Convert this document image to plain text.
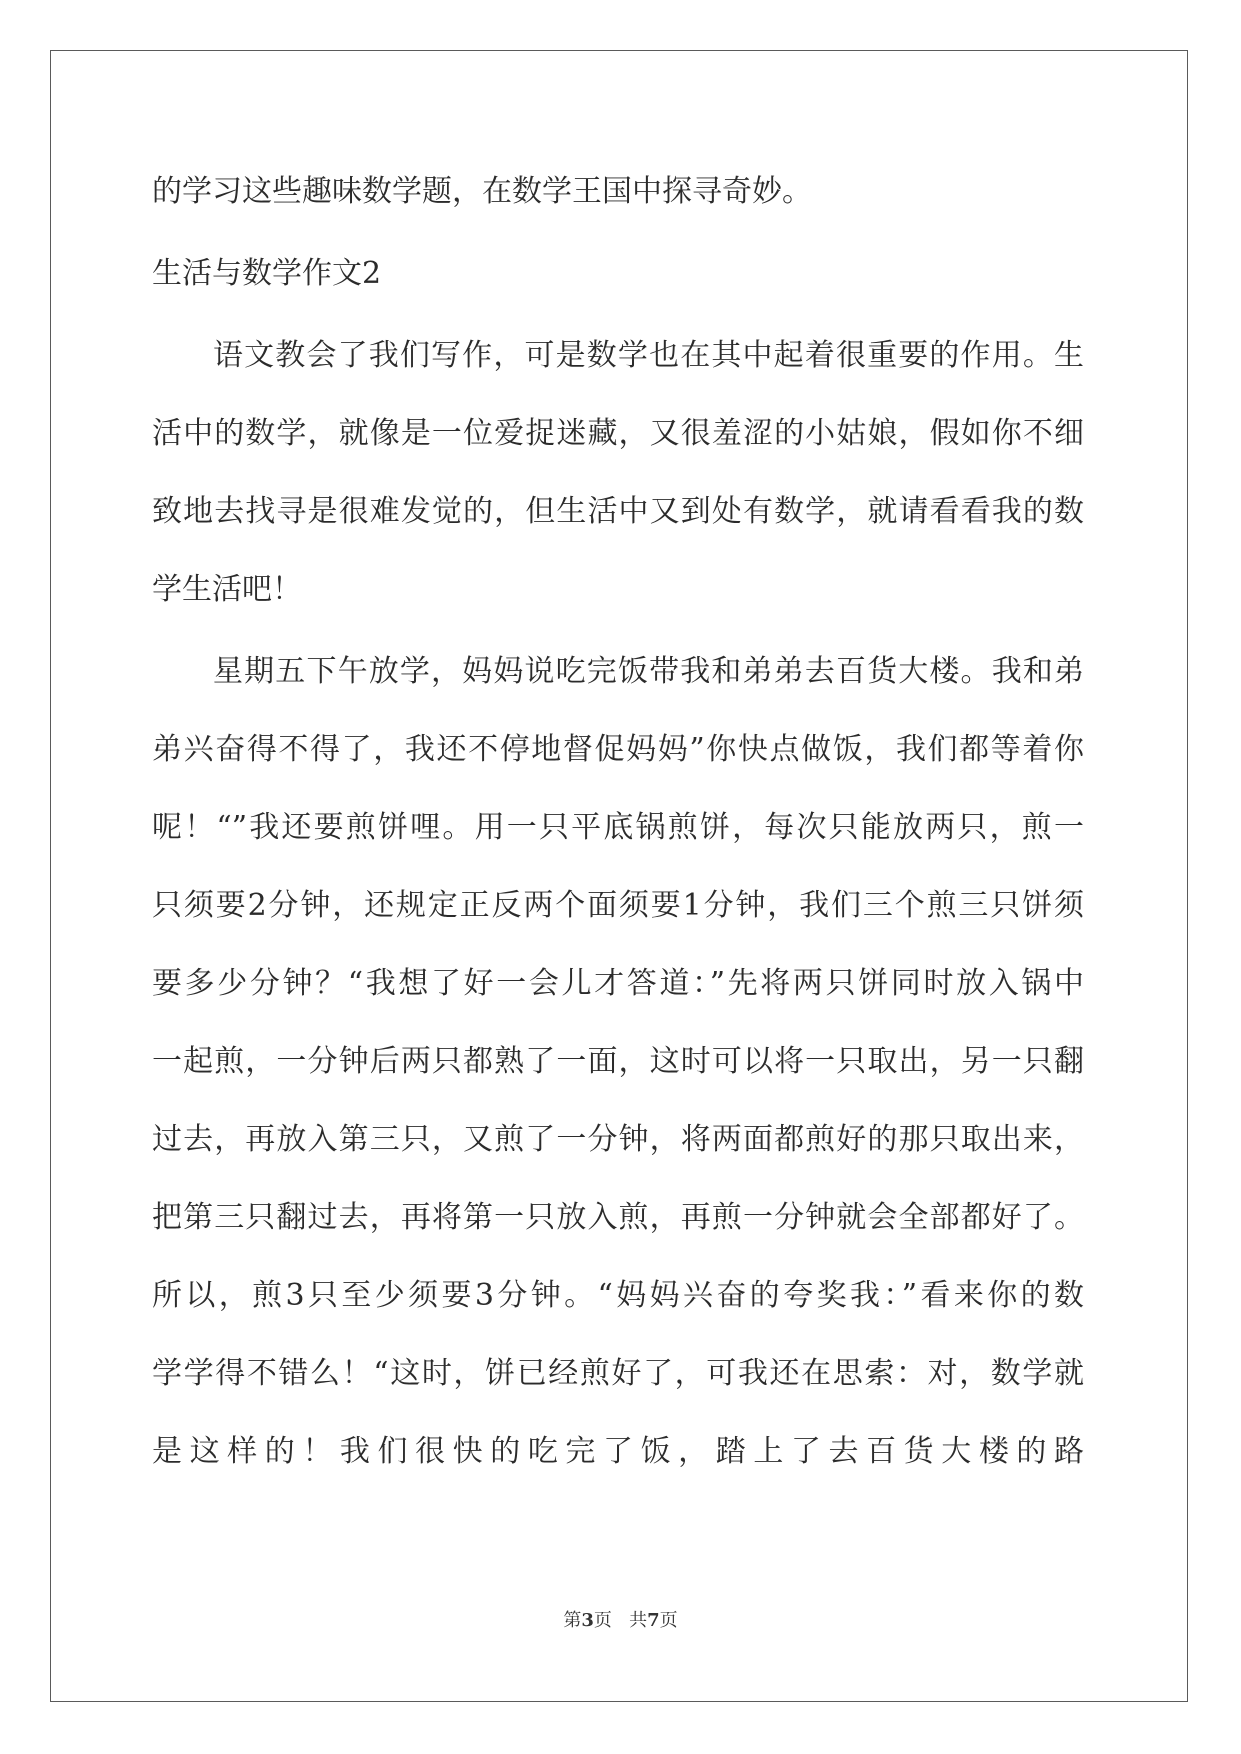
的学习这些趣味数学题，在数学王国中探寻奇妙。
生活与数学作文2
语文教会了我们写作，可是数学也在其中起着很重要的作用。生
活中的数学，就像是一位爱捉迷藏，又很羞涩的小姑娘，假如你不细
致地去找寻是很难发觉的，但生活中又到处有数学，就请看看我的数
学生活吧！
星期五下午放学，妈妈说吃完饭带我和弟弟去百货大楼。我和弟
弟兴奋得不得了，我还不停地督促妈妈”你快点做饭，我们都等着你
呢！“”我还要煎饼哩。用一只平底锅煎饼，每次只能放两只，煎一
只须要2分钟，还规定正反两个面须要1分钟，我们三个煎三只饼须
要多少分钟？“我想了好一会儿才答道：”先将两只饼同时放入锅中
一起煎，一分钟后两只都熟了一面，这时可以将一只取出，另一只翻
过去，再放入第三只，又煎了一分钟，将两面都煎好的那只取出来，
把第三只翻过去，再将第一只放入煎，再煎一分钟就会全部都好了。
所以，煎3只至少须要3分钟。“妈妈兴奋的夸奖我：”看来你的数
学学得不错么！“这时，饼已经煎好了，可我还在思索：对，数学就
是这样的！我们很快的吃完了饭，踏上了去百货大楼的路
第3页 共7页
